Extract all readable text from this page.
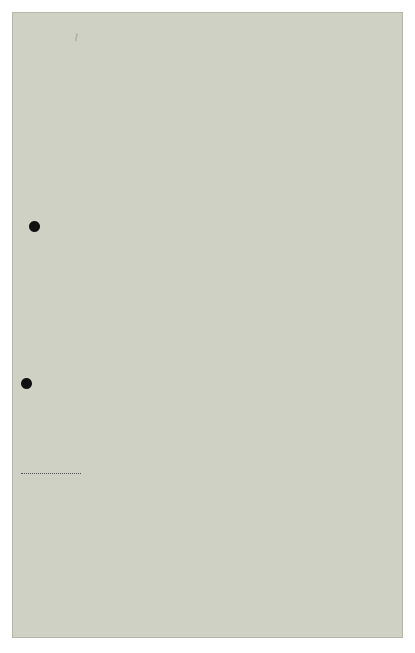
⌇
